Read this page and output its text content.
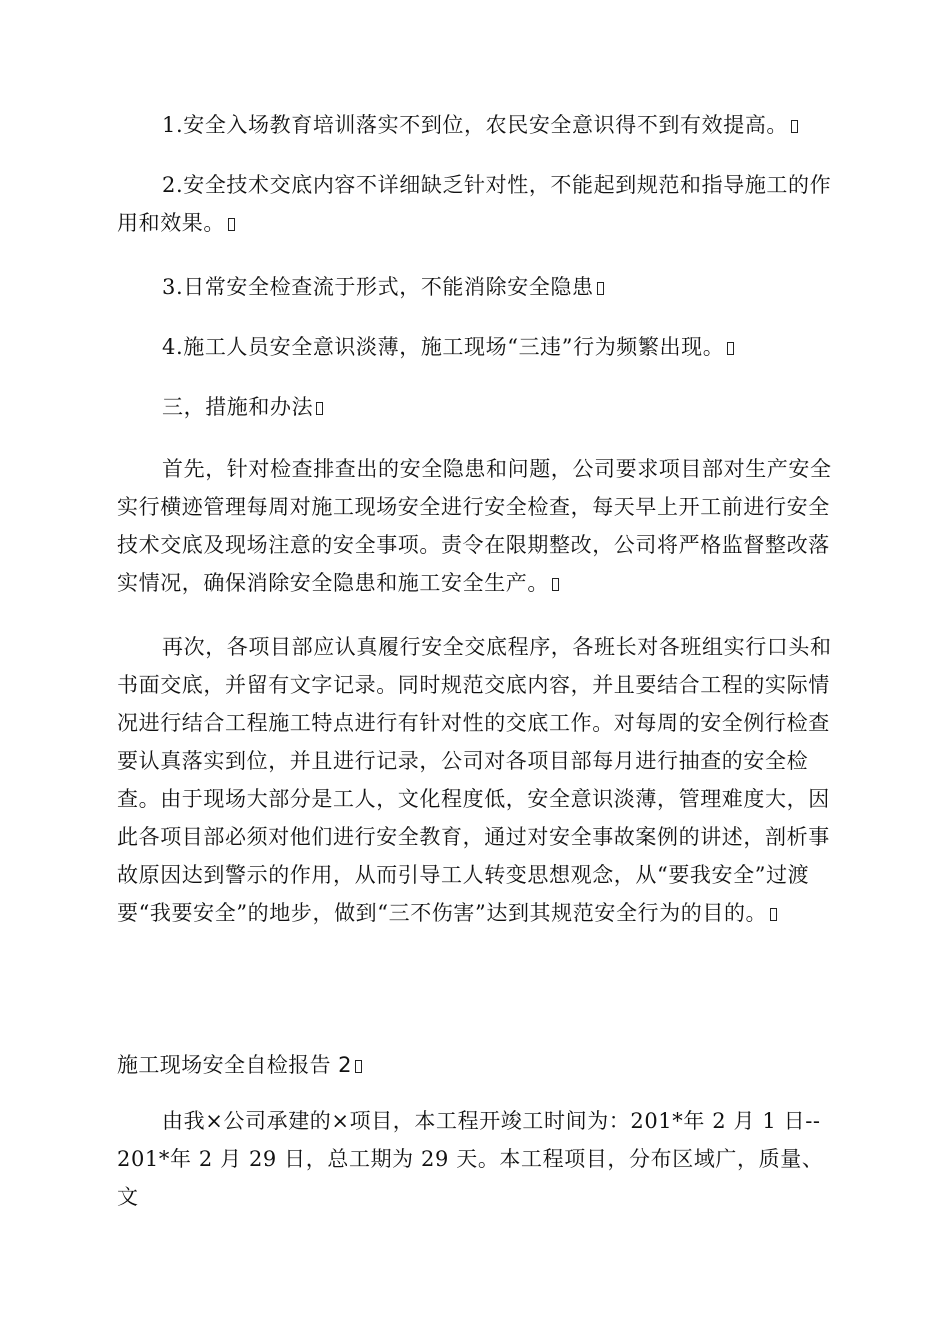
1.安全入场教育培训落实不到位，农民安全意识得不到有效提高。

2.安全技术交底内容不详细缺乏针对性，不能起到规范和指导施工的作用和效果。

3.日常安全检查流于形式，不能消除安全隐患

4.施工人员安全意识淡薄，施工现场“三违”行为频繁出现。

三，措施和办法

首先，针对检查排查出的安全隐患和问题，公司要求项目部对生产安全实行横迹管理每周对施工现场安全进行安全检查，每天早上开工前进行安全技术交底及现场注意的安全事项。责令在限期整改，公司将严格监督整改落实情况，确保消除安全隐患和施工安全生产。

再次，各项目部应认真履行安全交底程序，各班长对各班组实行口头和书面交底，并留有文字记录。同时规范交底内容，并且要结合工程的实际情况进行结合工程施工特点进行有针对性的交底工作。对每周的安全例行检查要认真落实到位，并且进行记录，公司对各项目部每月进行抽查的安全检查。由于现场大部分是工人，文化程度低，安全意识淡薄，管理难度大，因此各项目部必须对他们进行安全教育，通过对安全事故案例的讲述，剖析事故原因达到警示的作用，从而引导工人转变思想观念，从“要我安全”过渡要“我要安全”的地步，做到“三不伤害”达到其规范安全行为的目的。

施工现场安全自检报告 2

由我×公司承建的×项目，本工程开竣工时间为：201*年 2 月 1 日--201*年 2 月 29 日，总工期为 29 天。本工程项目，分布区域广，质量、文
